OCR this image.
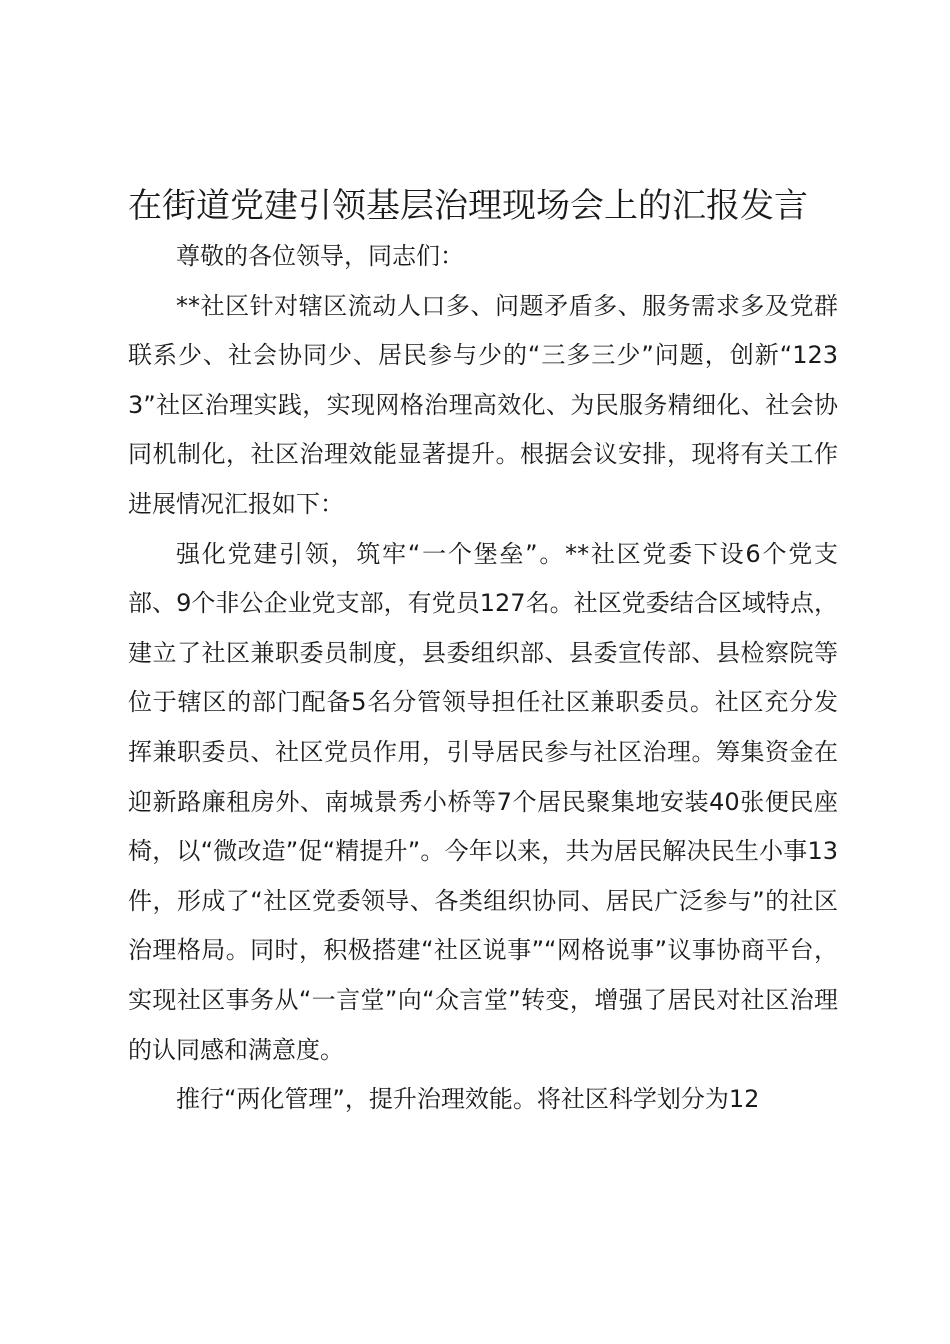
在街道党建引领基层治理现场会上的汇报发言

尊敬的各位领导，同志们：

**社区针对辖区流动人口多、问题矛盾多、服务需求多及党群联系少、社会协同少、居民参与少的“三多三少”问题，创新“1233”社区治理实践，实现网格治理高效化、为民服务精细化、社会协同机制化，社区治理效能显著提升。根据会议安排，现将有关工作进展情况汇报如下：

强化党建引领，筑牢“一个堡垒”。**社区党委下设6个党支部、9个非公企业党支部，有党员127名。社区党委结合区域特点，建立了社区兼职委员制度，县委组织部、县委宣传部、县检察院等位于辖区的部门配备5名分管领导担任社区兼职委员。社区充分发挥兼职委员、社区党员作用，引导居民参与社区治理。筹集资金在迎新路廉租房外、南城景秀小桥等7个居民聚集地安装40张便民座椅，以“微改造”促“精提升”。今年以来，共为居民解决民生小事13件，形成了“社区党委领导、各类组织协同、居民广泛参与”的社区治理格局。同时，积极搭建“社区说事”“网格说事”议事协商平台，实现社区事务从“一言堂”向“众言堂”转变，增强了居民对社区治理的认同感和满意度。

推行“两化管理”，提升治理效能。将社区科学划分为12
